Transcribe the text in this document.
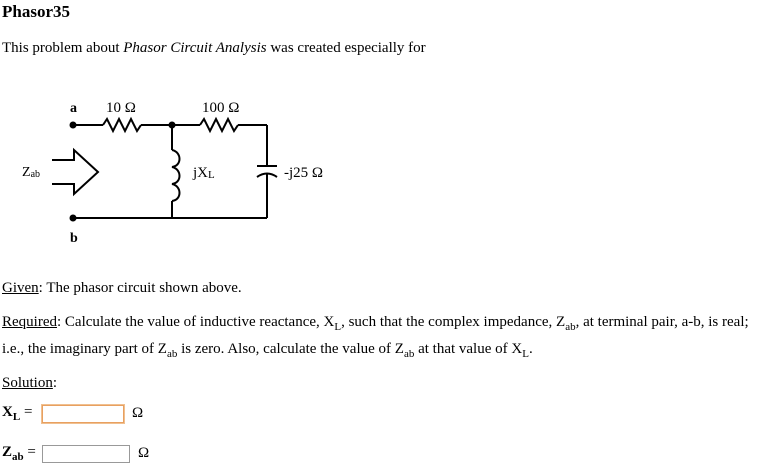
Phasor35
This problem about Phasor Circuit Analysis was created especially for
a
b
10 Ω	100 Ω
jXL	-j25 Ω
Zab
Given: The phasor circuit shown above.
Required: Calculate the value of inductive reactance, $X_L$, such that the complex impedance, $Z_{ab}$, at terminal pair, a-b, is real; i.e., the imaginary part of $Z_{ab}$ is zero. Also, calculate the value of $Z_{ab}$ at that value of $X_L$.
Solution:
$X_L$ =	Ω
$Z_{ab}$ =	Ω
